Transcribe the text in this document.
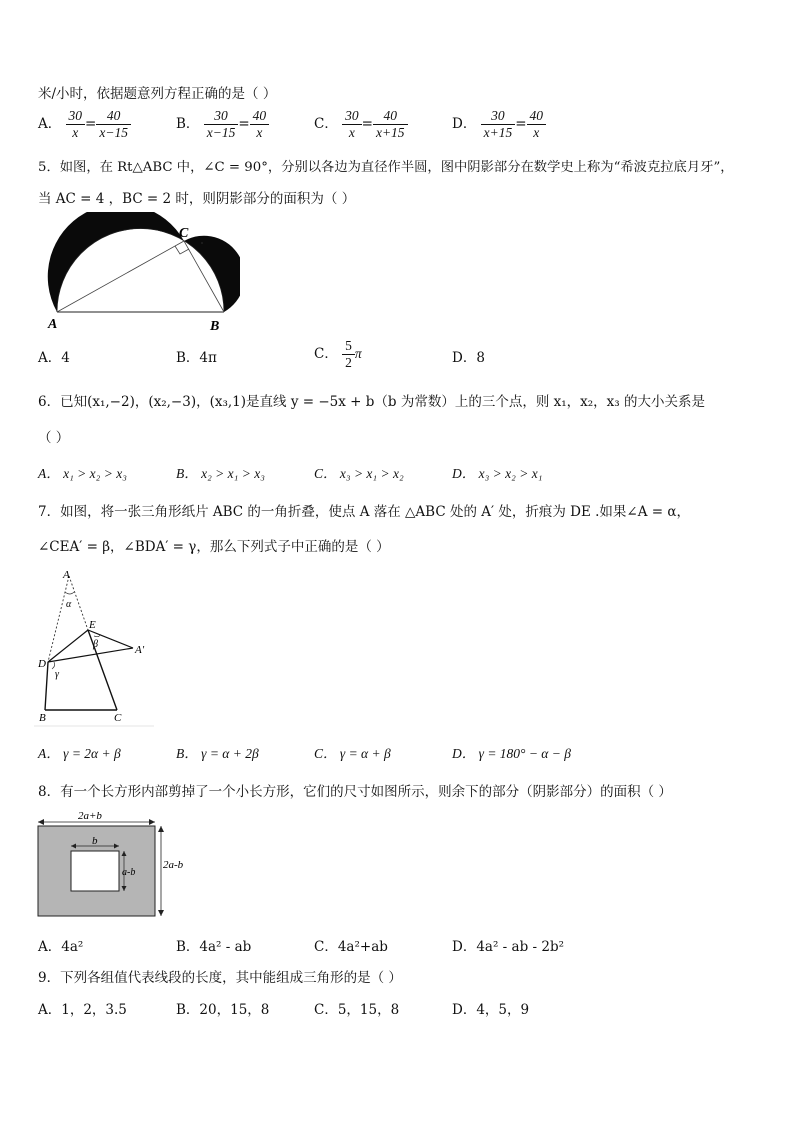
米/小时，依据题意列方程正确的是（ ）
A． $\frac{30}{x} = \frac{40}{x-15}$	B． $\frac{30}{x-15} = \frac{40}{x}$	C． $\frac{30}{x} = \frac{40}{x+15}$	D． $\frac{30}{x+15} = \frac{40}{x}$
5．如图，在 Rt△ABC 中，∠C = 90°，分别以各边为直径作半圆，图中阴影部分在数学史上称为“希波克拉底月牙”，
当 AC = 4 ，BC = 2 时，则阴影部分的面积为（ ）
A	B
C
A．4	B．4π	C． $\frac{5}{2}$ π	D．8
6．已知(x₁,−2)，(x₂,−3)，(x₃,1)是直线 y = −5x + b（b 为常数）上的三个点，则 x₁，x₂，x₃ 的大小关系是
（ ）
A． x₁ > x₂ > x₃	B． x₂ > x₁ > x₃	C． x₃ > x₁ > x₂	D． x₃ > x₂ > x₁
7．如图，将一张三角形纸片 ABC 的一角折叠，使点 A 落在 △ABC 处的 A′ 处，折痕为 DE .如果∠A = α，
∠CEA′ = β，∠BDA′ = γ，那么下列式子中正确的是（ ）
A
α
E
β	A′
D
γ
B	C
A． γ = 2α + β	B． γ = α + 2β	C． γ = α + β	D． γ = 180° − α − β
8．有一个长方形内部剪掉了一个小长方形，它们的尺寸如图所示，则余下的部分（阴影部分）的面积（ ）
2a+b
2a-b
b
a-b
A．4a²	B．4a² - ab	C．4a²+ab	D．4a² - ab - 2b²
9．下列各组值代表线段的长度，其中能组成三角形的是（ ）
A．1，2，3.5	B．20，15，8	C．5，15，8	D．4，5，9
